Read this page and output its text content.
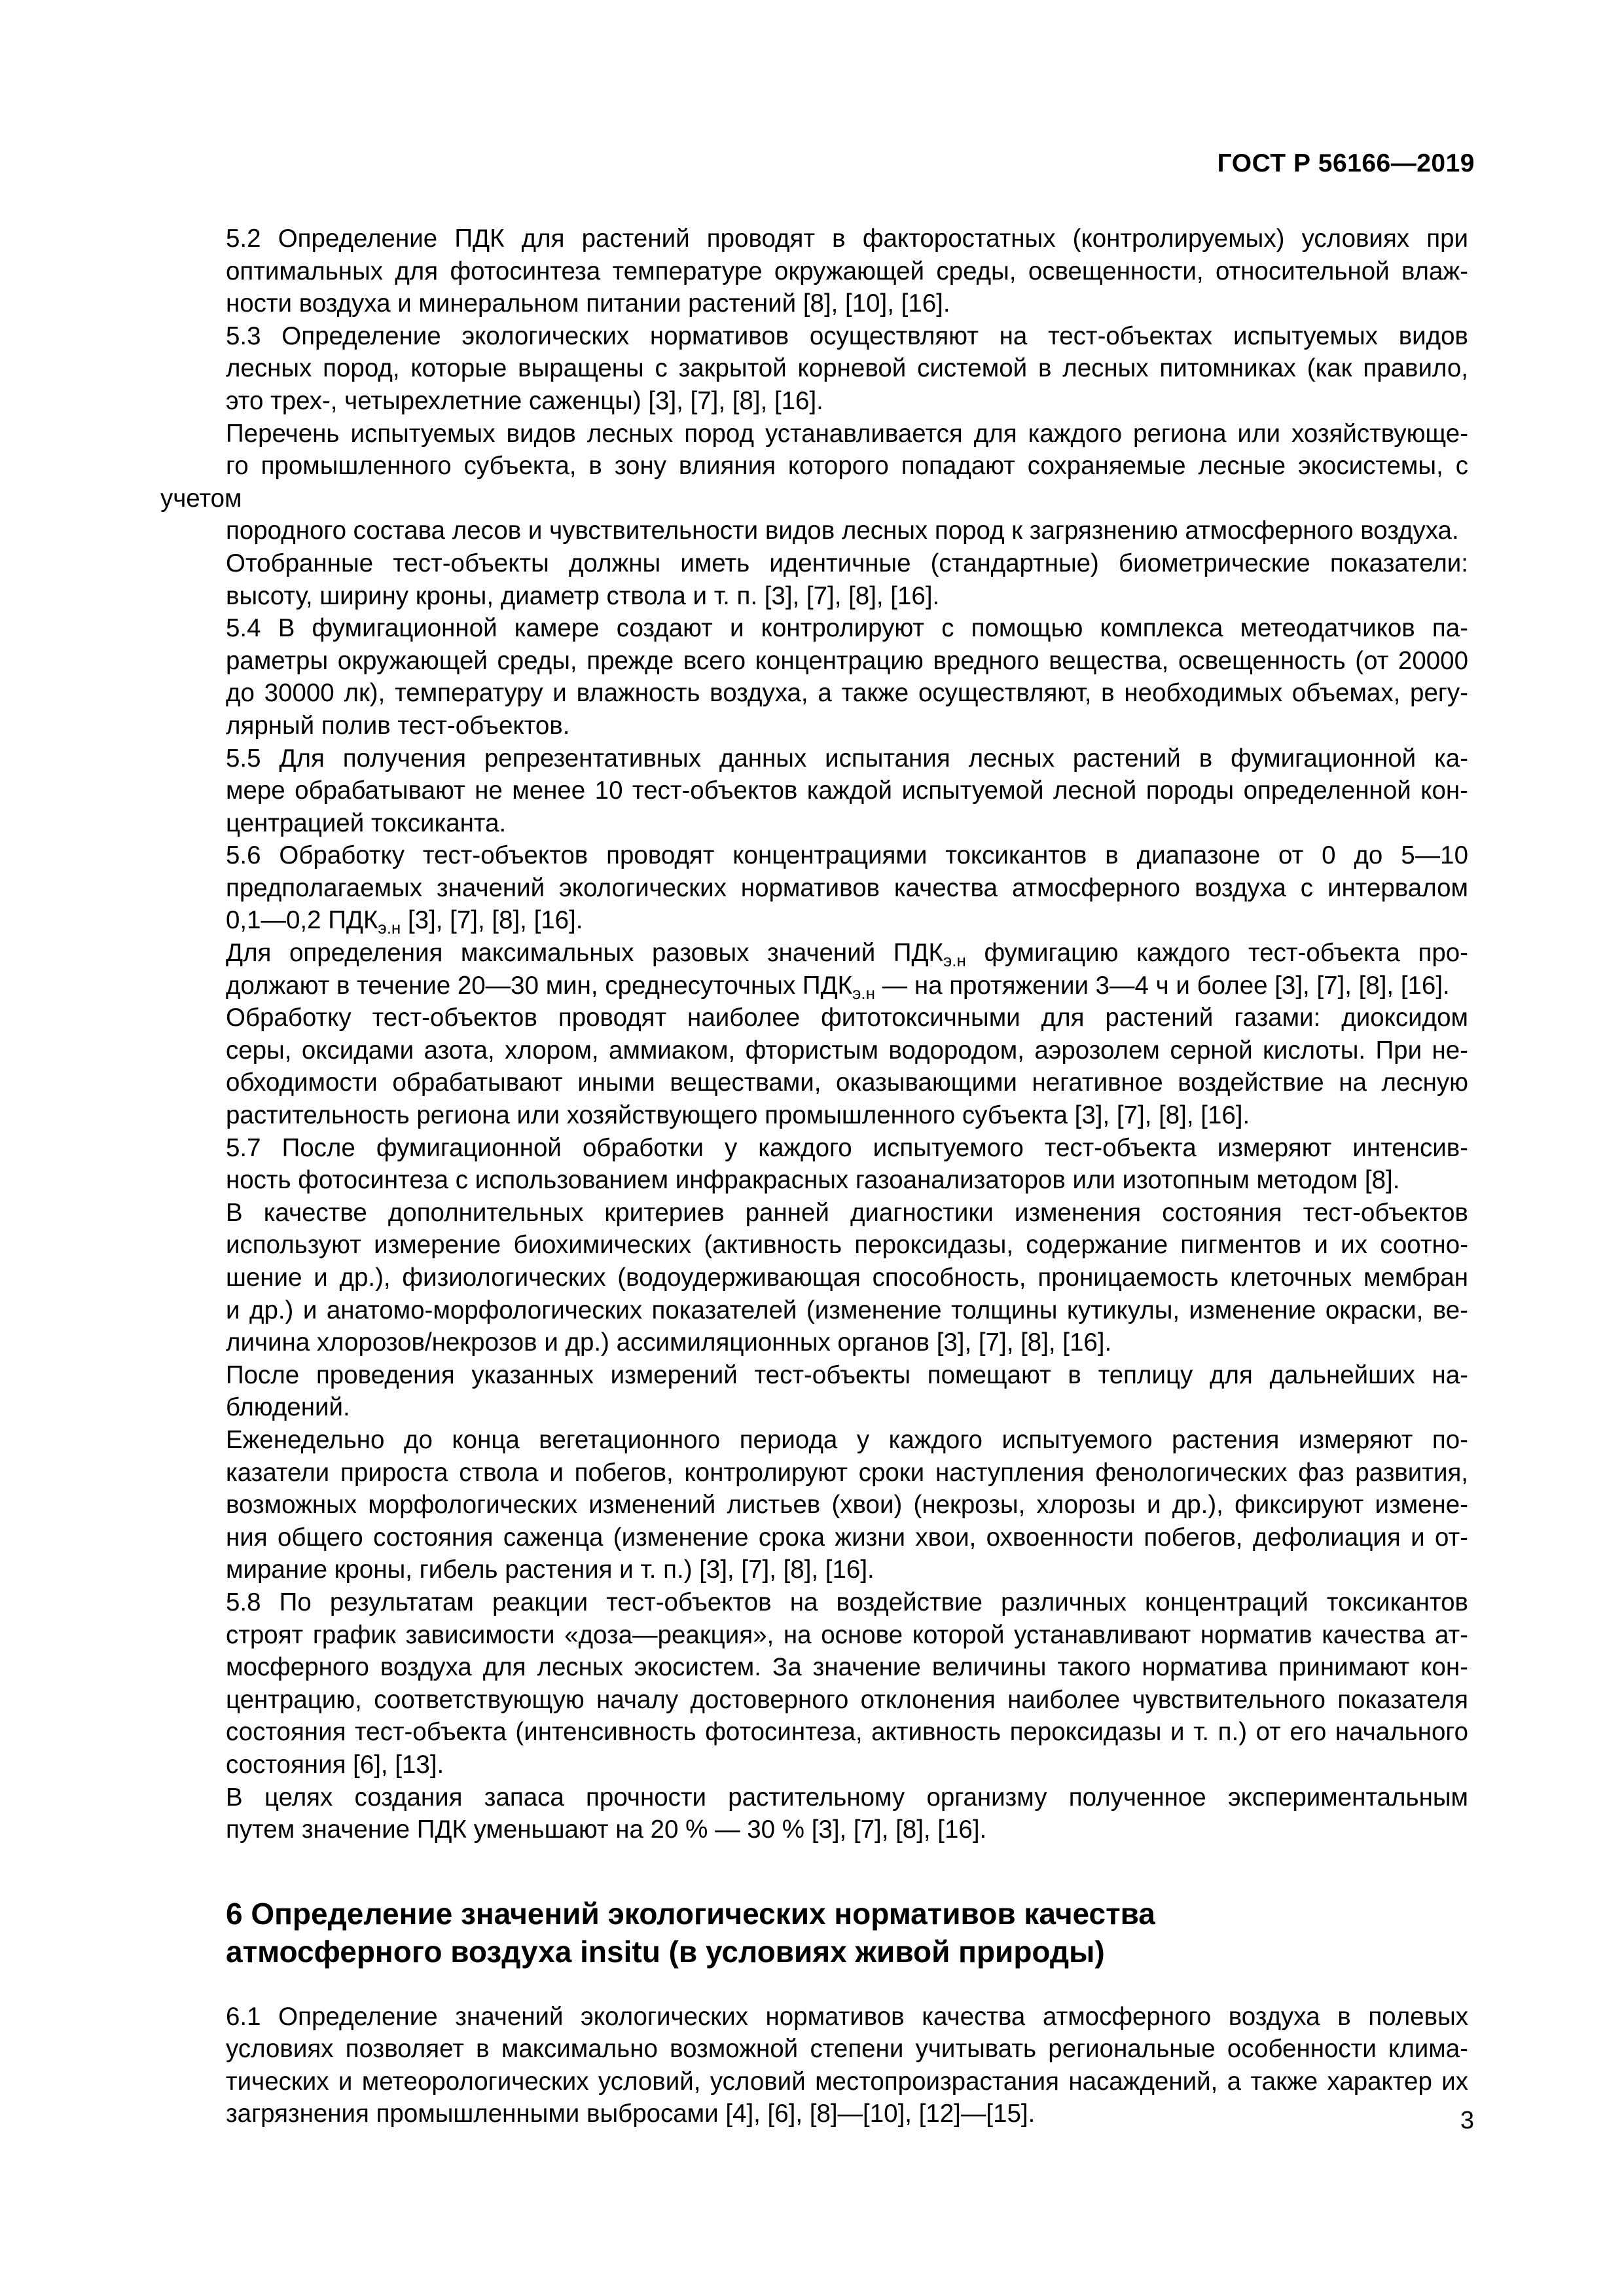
ГОСТ Р 56166—2019

5.2 Определение ПДК для растений проводят в факторостатных (контролируемых) условиях при
оптимальных для фотосинтеза температуре окружающей среды, освещенности, относительной влаж-
ности воздуха и минеральном питании растений [8], [10], [16].

5.3 Определение экологических нормативов осуществляют на тест-объектах испытуемых видов
лесных пород, которые выращены с закрытой корневой системой в лесных питомниках (как правило,
это трех-, четырехлетние саженцы) [3], [7], [8], [16].

Перечень испытуемых видов лесных пород устанавливается для каждого региона или хозяйствующе-
го промышленного субъекта, в зону влияния которого попадают сохраняемые лесные экосистемы, с учетом
породного состава лесов и чувствительности видов лесных пород к загрязнению атмосферного воздуха.

Отобранные тест-объекты должны иметь идентичные (стандартные) биометрические показатели:
высоту, ширину кроны, диаметр ствола и т. п. [3], [7], [8], [16].

5.4 В фумигационной камере создают и контролируют с помощью комплекса метеодатчиков па-
раметры окружающей среды, прежде всего концентрацию вредного вещества, освещенность (от 20000
до 30000 лк), температуру и влажность воздуха, а также осуществляют, в необходимых объемах, регу-
лярный полив тест-объектов.

5.5 Для получения репрезентативных данных испытания лесных растений в фумигационной ка-
мере обрабатывают не менее 10 тест-объектов каждой испытуемой лесной породы определенной кон-
центрацией токсиканта.

5.6 Обработку тест-объектов проводят концентрациями токсикантов в диапазоне от 0 до 5—10
предполагаемых значений экологических нормативов качества атмосферного воздуха с интервалом
0,1—0,2 $ПДК_{э.н}$ [3], [7], [8], [16].

Для определения максимальных разовых значений $ПДК_{э.н}$ фумигацию каждого тест-объекта про-
должают в течение 20—30 мин, среднесуточных $ПДК_{э.н}$ — на протяжении 3—4 ч и более [3], [7], [8], [16].

Обработку тест-объектов проводят наиболее фитотоксичными для растений газами: диоксидом
серы, оксидами азота, хлором, аммиаком, фтористым водородом, аэрозолем серной кислоты. При не-
обходимости обрабатывают иными веществами, оказывающими негативное воздействие на лесную
растительность региона или хозяйствующего промышленного субъекта [3], [7], [8], [16].

5.7 После фумигационной обработки у каждого испытуемого тест-объекта измеряют интенсив-
ность фотосинтеза с использованием инфракрасных газоанализаторов или изотопным методом [8].

В качестве дополнительных критериев ранней диагностики изменения состояния тест-объектов
используют измерение биохимических (активность пероксидазы, содержание пигментов и их соотно-
шение и др.), физиологических (водоудерживающая способность, проницаемость клеточных мембран
и др.) и анатомо-морфологических показателей (изменение толщины кутикулы, изменение окраски, ве-
личина хлорозов/некрозов и др.) ассимиляционных органов [3], [7], [8], [16].

После проведения указанных измерений тест-объекты помещают в теплицу для дальнейших на-
блюдений.

Еженедельно до конца вегетационного периода у каждого испытуемого растения измеряют по-
казатели прироста ствола и побегов, контролируют сроки наступления фенологических фаз развития,
возможных морфологических изменений листьев (хвои) (некрозы, хлорозы и др.), фиксируют измене-
ния общего состояния саженца (изменение срока жизни хвои, охвоенности побегов, дефолиация и от-
мирание кроны, гибель растения и т. п.) [3], [7], [8], [16].

5.8 По результатам реакции тест-объектов на воздействие различных концентраций токсикантов
строят график зависимости «доза—реакция», на основе которой устанавливают норматив качества ат-
мосферного воздуха для лесных экосистем. За значение величины такого норматива принимают кон-
центрацию, соответствующую началу достоверного отклонения наиболее чувствительного показателя
состояния тест-объекта (интенсивность фотосинтеза, активность пероксидазы и т. п.) от его начального
состояния [6], [13].

В целях создания запаса прочности растительному организму полученное экспериментальным
путем значение ПДК уменьшают на 20 % — 30 % [3], [7], [8], [16].

6 Определение значений экологических нормативов качества
атмосферного воздуха insitu (в условиях живой природы)

6.1 Определение значений экологических нормативов качества атмосферного воздуха в полевых
условиях позволяет в максимально возможной степени учитывать региональные особенности клима-
тических и метеорологических условий, условий местопроизрастания насаждений, а также характер их
загрязнения промышленными выбросами [4], [6], [8]—[10], [12]—[15].	3
